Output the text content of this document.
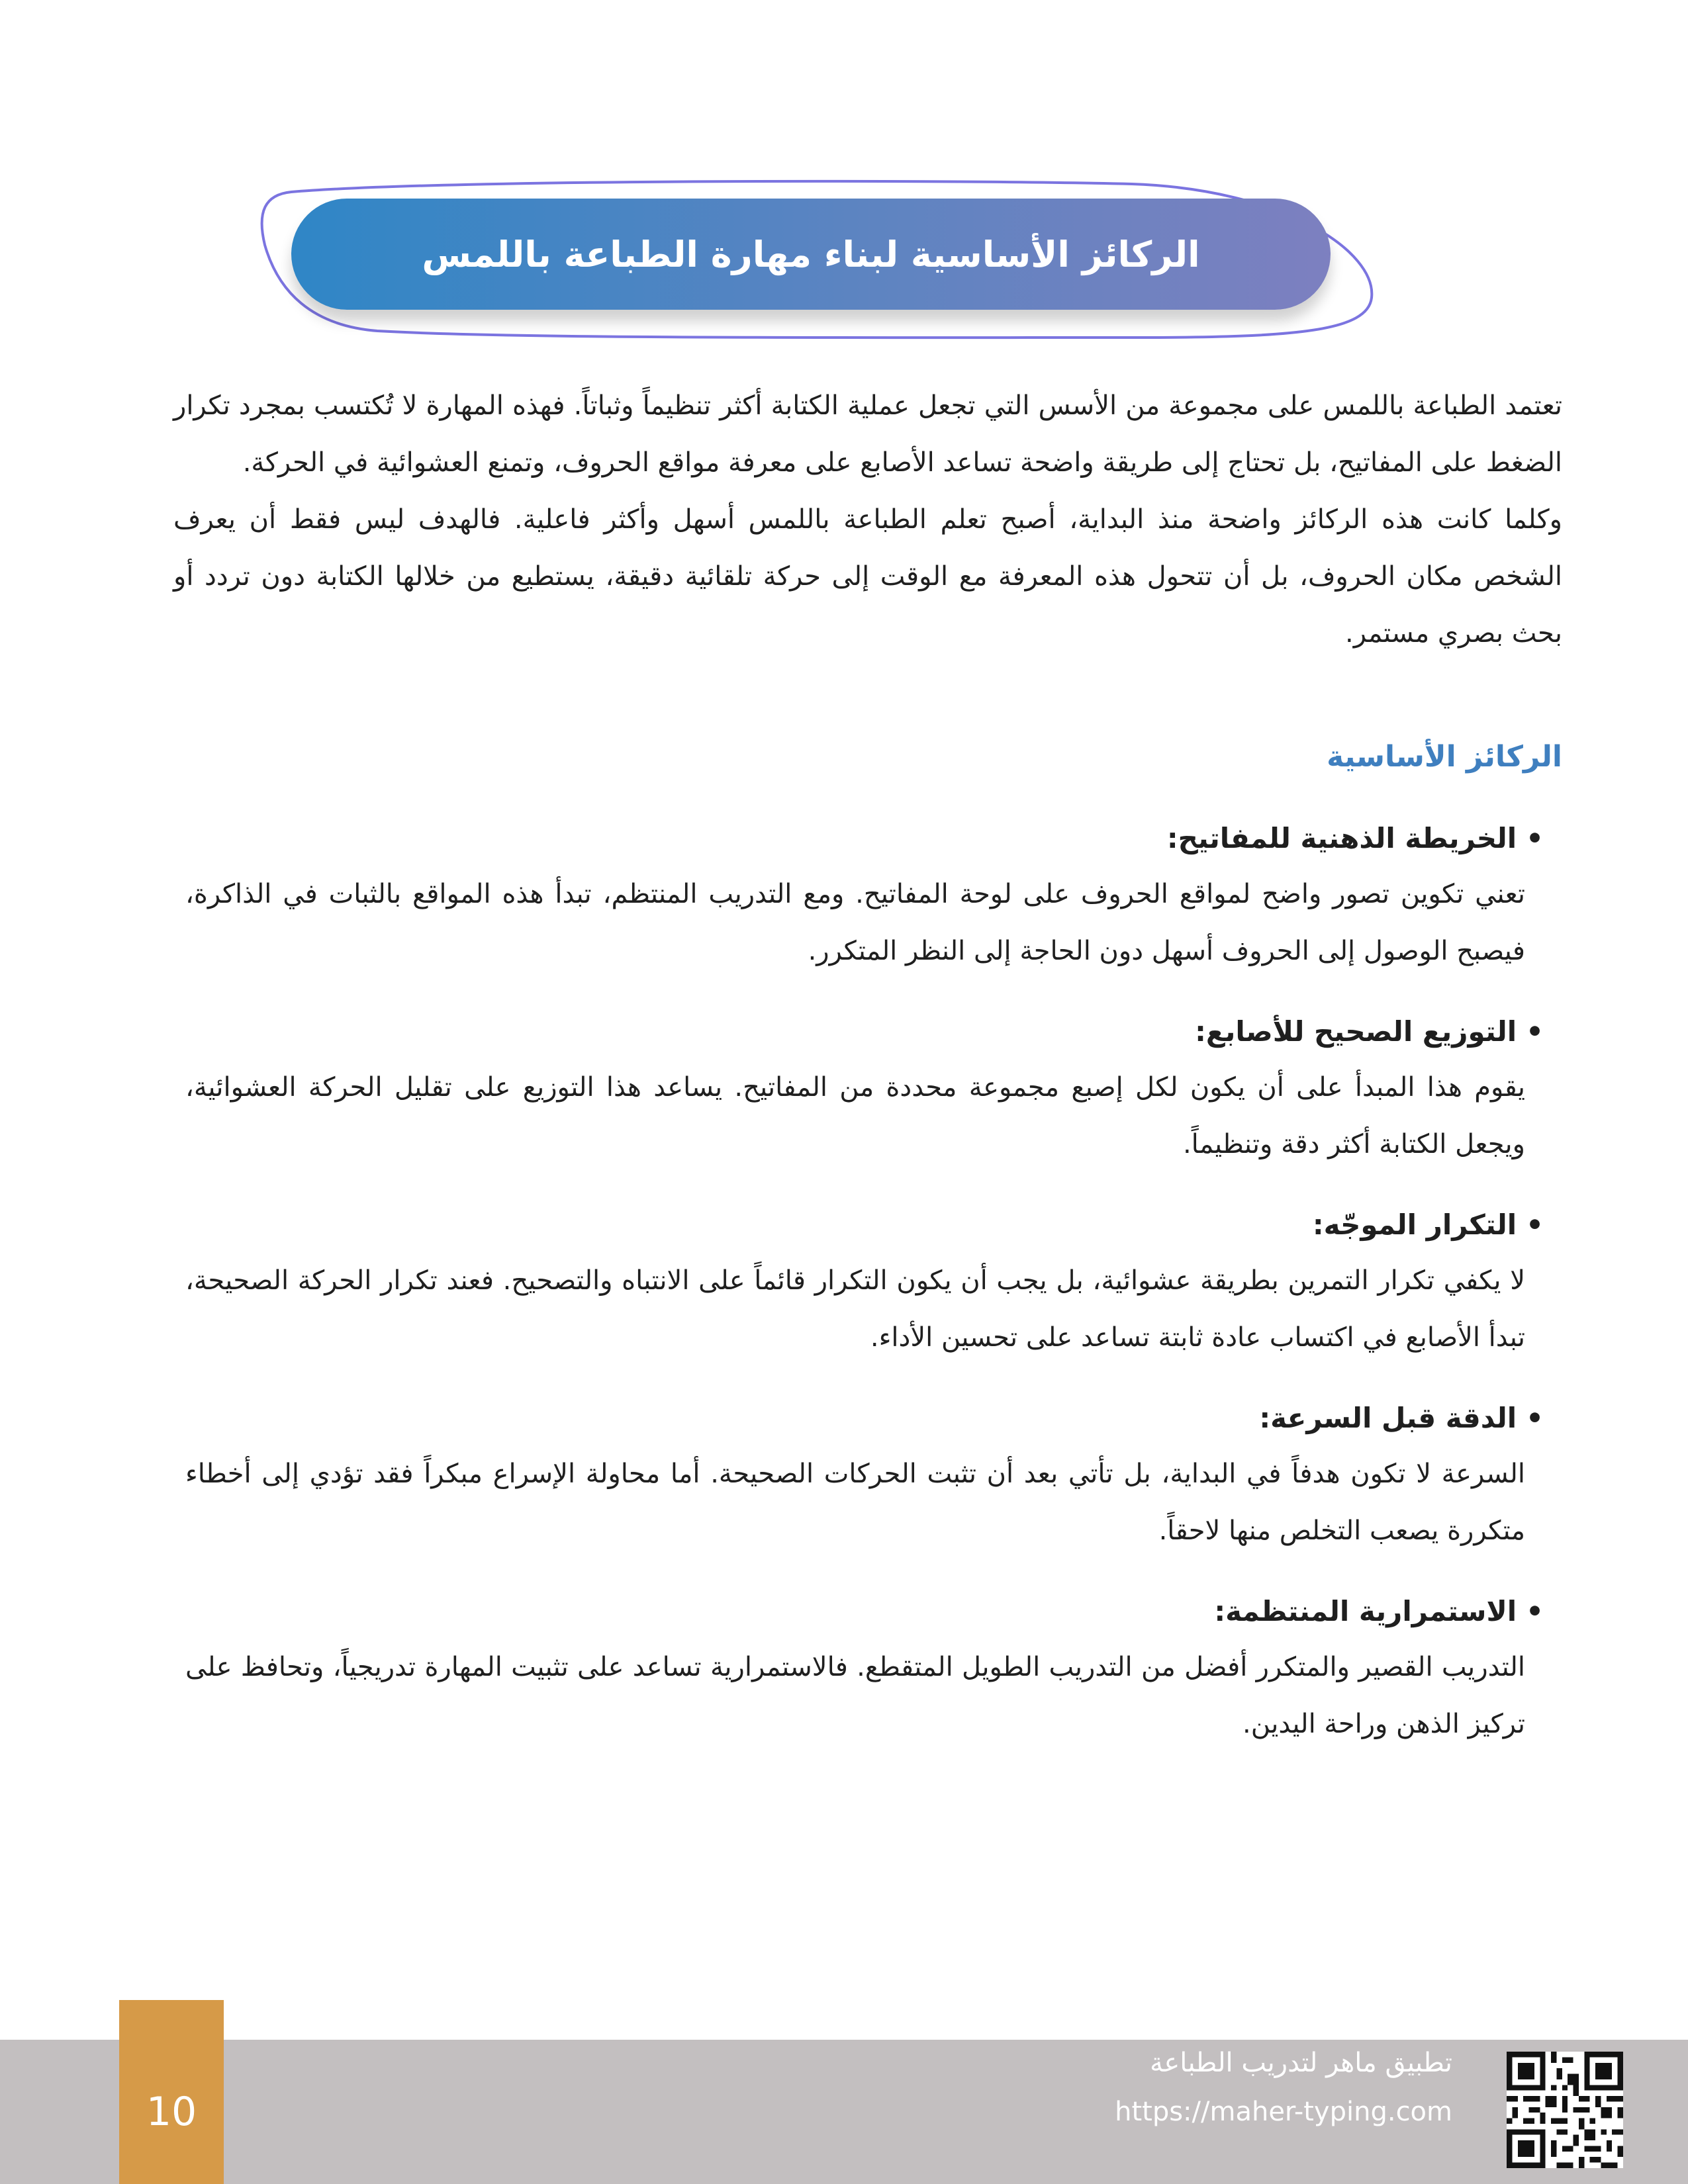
الركائز الأساسية لبناء مهارة الطباعة باللمس

تعتمد الطباعة باللمس على مجموعة من الأسس التي تجعل عملية الكتابة أكثر تنظيماً وثباتاً. فهذه المهارة لا تُكتسب بمجرد تكرار الضغط على المفاتيح، بل تحتاج إلى طريقة واضحة تساعد الأصابع على معرفة مواقع الحروف، وتمنع العشوائية في الحركة.

وكلما كانت هذه الركائز واضحة منذ البداية، أصبح تعلم الطباعة باللمس أسهل وأكثر فاعلية. فالهدف ليس فقط أن يعرف الشخص مكان الحروف، بل أن تتحول هذه المعرفة مع الوقت إلى حركة تلقائية دقيقة، يستطيع من خلالها الكتابة دون تردد أو بحث بصري مستمر.

الركائز الأساسية
•الخريطة الذهنية للمفاتيح:

تعني تكوين تصور واضح لمواقع الحروف على لوحة المفاتيح. ومع التدريب المنتظم، تبدأ هذه المواقع بالثبات في الذاكرة، فيصبح الوصول إلى الحروف أسهل دون الحاجة إلى النظر المتكرر.

•التوزيع الصحيح للأصابع:

يقوم هذا المبدأ على أن يكون لكل إصبع مجموعة محددة من المفاتيح. يساعد هذا التوزيع على تقليل الحركة العشوائية، ويجعل الكتابة أكثر دقة وتنظيماً.

•التكرار الموجّه:

لا يكفي تكرار التمرين بطريقة عشوائية، بل يجب أن يكون التكرار قائماً على الانتباه والتصحيح. فعند تكرار الحركة الصحيحة، تبدأ الأصابع في اكتساب عادة ثابتة تساعد على تحسين الأداء.

•الدقة قبل السرعة:

السرعة لا تكون هدفاً في البداية، بل تأتي بعد أن تثبت الحركات الصحيحة. أما محاولة الإسراع مبكراً فقد تؤدي إلى أخطاء متكررة يصعب التخلص منها لاحقاً.

•الاستمرارية المنتظمة:

التدريب القصير والمتكرر أفضل من التدريب الطويل المتقطع. فالاستمرارية تساعد على تثبيت المهارة تدريجياً، وتحافظ على تركيز الذهن وراحة اليدين.

10
تطبيق ماهر لتدريب الطباعة
https://maher-typing.com
